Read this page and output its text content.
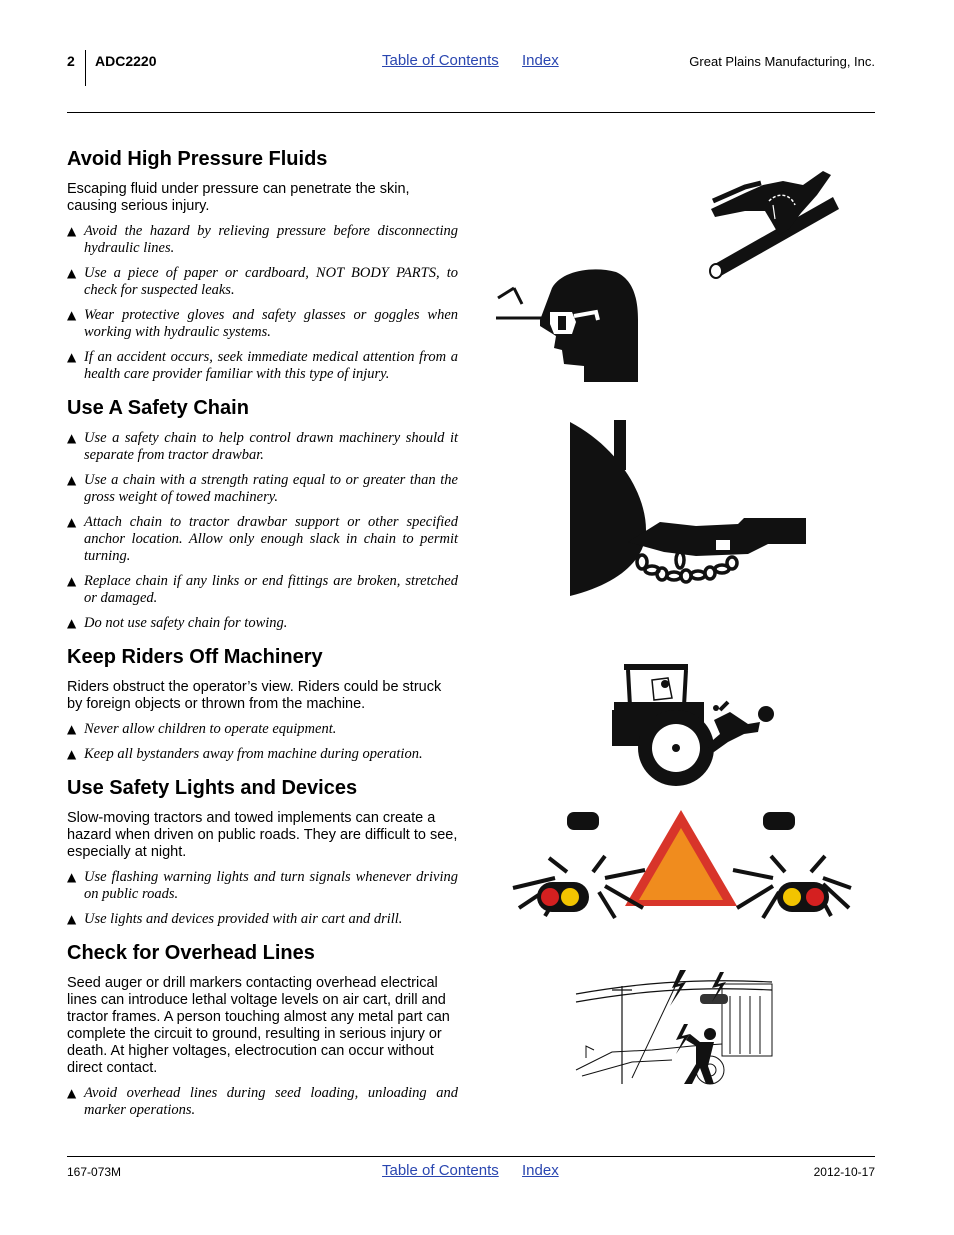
2 ADC2220	Table of Contents Index	Great Plains Manufacturing, Inc.
Avoid High Pressure Fluids

Escaping fluid under pressure can penetrate the skin, causing serious injury.

▲ Avoid the hazard by relieving pressure before disconnecting hydraulic lines.
▲ Use a piece of paper or cardboard, NOT BODY PARTS, to check for suspected leaks.
▲ Wear protective gloves and safety glasses or goggles when working with hydraulic systems.
▲ If an accident occurs, seek immediate medical attention from a health care provider familiar with this type of injury.
Use A Safety Chain
▲ Use a safety chain to help control drawn machinery should it separate from tractor drawbar.
▲ Use a chain with a strength rating equal to or greater than the gross weight of towed machinery.
▲ Attach chain to tractor drawbar support or other specified anchor location. Allow only enough slack in chain to permit turning.
▲ Replace chain if any links or end fittings are broken, stretched or damaged.
▲ Do not use safety chain for towing.
Keep Riders Off Machinery

Riders obstruct the operator’s view. Riders could be struck by foreign objects or thrown from the machine.

▲ Never allow children to operate equipment.
▲ Keep all bystanders away from machine during operation.
Use Safety Lights and Devices

Slow-moving tractors and towed implements can create a hazard when driven on public roads. They are difficult to see, especially at night.

▲ Use flashing warning lights and turn signals whenever driving on public roads.
▲ Use lights and devices provided with air cart and drill.
Check for Overhead Lines

Seed auger or drill markers contacting overhead electrical lines can introduce lethal voltage levels on air cart, drill and tractor frames. A person touching almost any metal part can complete the circuit to ground, resulting in serious injury or death. At higher voltages, electrocution can occur without direct contact.

▲ Avoid overhead lines during seed loading, unloading and marker operations.
167-073M	Table of Contents Index	2012-10-17
